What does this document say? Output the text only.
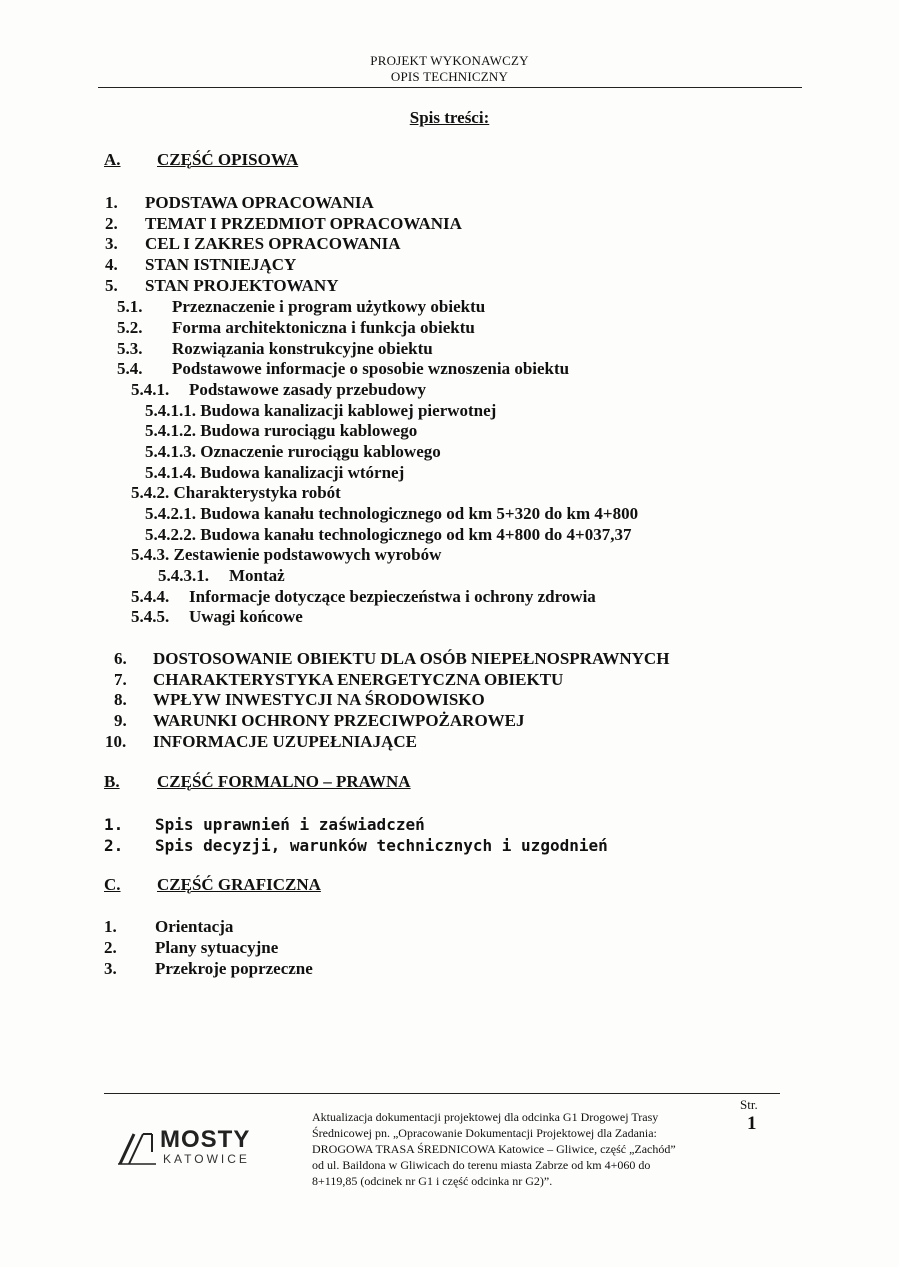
PROJEKT WYKONAWCZY
OPIS TECHNICZNY
Spis treści:
A. CZĘŚĆ OPISOWA
1. PODSTAWA OPRACOWANIA
2. TEMAT I PRZEDMIOT OPRACOWANIA
3. CEL I ZAKRES OPRACOWANIA
4. STAN ISTNIEJĄCY
5. STAN PROJEKTOWANY
5.1. Przeznaczenie i program użytkowy obiektu
5.2. Forma architektoniczna i funkcja obiektu
5.3. Rozwiązania konstrukcyjne obiektu
5.4. Podstawowe informacje o sposobie wznoszenia obiektu
5.4.1. Podstawowe zasady przebudowy
5.4.1.1. Budowa kanalizacji kablowej pierwotnej
5.4.1.2. Budowa rurociągu kablowego
5.4.1.3. Oznaczenie rurociągu kablowego
5.4.1.4. Budowa kanalizacji wtórnej
5.4.2. Charakterystyka robót
5.4.2.1. Budowa kanału technologicznego od km 5+320 do km 4+800
5.4.2.2. Budowa kanału technologicznego od km 4+800 do 4+037,37
5.4.3. Zestawienie podstawowych wyrobów
5.4.3.1. Montaż
5.4.4. Informacje dotyczące bezpieczeństwa i ochrony zdrowia
5.4.5. Uwagi końcowe
6. DOSTOSOWANIE OBIEKTU DLA OSÓB NIEPEŁNOSPRAWNYCH
7. CHARAKTERYSTYKA ENERGETYCZNA OBIEKTU
8. WPŁYW INWESTYCJI NA ŚRODOWISKO
9. WARUNKI OCHRONY PRZECIWPOŻAROWEJ
10. INFORMACJE UZUPEŁNIAJĄCE
B. CZĘŚĆ FORMALNO – PRAWNA
1. Spis uprawnień i zaświadczeń
2. Spis decyzji, warunków technicznych i uzgodnień
C. CZĘŚĆ GRAFICZNA
1. Orientacja
2. Plany sytuacyjne
3. Przekroje poprzeczne
Str.
1
MOSTY
KATOWICE
Aktualizacja dokumentacji projektowej dla odcinka G1 Drogowej Trasy
Średnicowej pn. „Opracowanie Dokumentacji Projektowej dla Zadania:
DROGOWA TRASA ŚREDNICOWA Katowice – Gliwice, część „Zachód”
od ul. Baildona w Gliwicach do terenu miasta Zabrze od km 4+060 do
8+119,85 (odcinek nr G1 i część odcinka nr G2)”.
